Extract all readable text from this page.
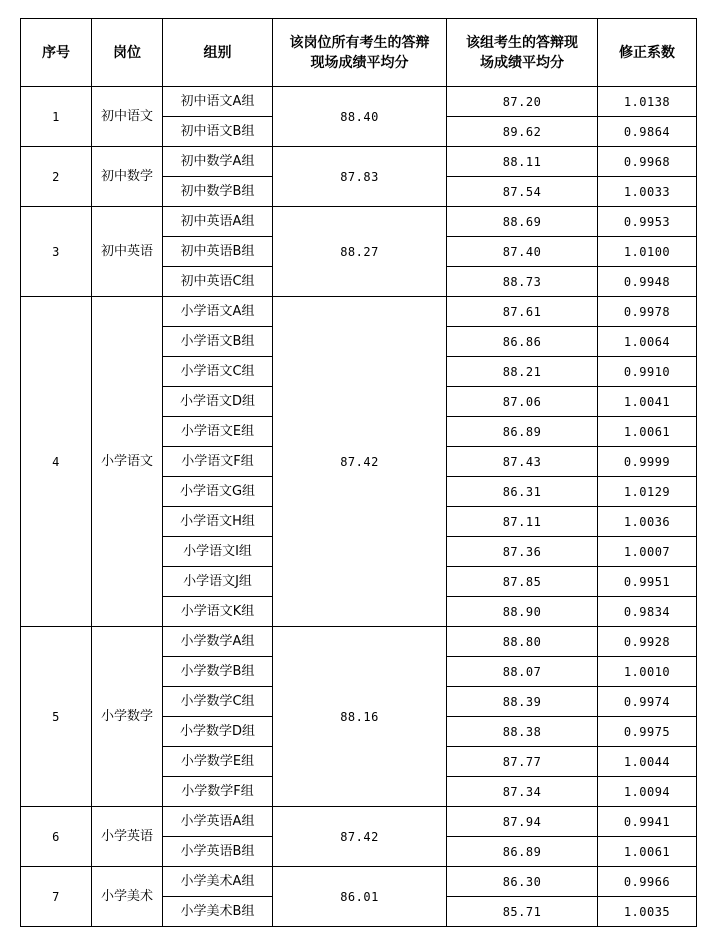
序号	岗位	组别	该岗位所有考生的答辩现场成绩平均分	该组考生的答辩现场成绩平均分	修正系数
1	初中语文	初中语文A组	88.40	87.20	1.0138
		初中语文B组		89.62	0.9864
2	初中数学	初中数学A组	87.83	88.11	0.9968
		初中数学B组		87.54	1.0033
3	初中英语	初中英语A组	88.27	88.69	0.9953
		初中英语B组		87.40	1.0100
		初中英语C组		88.73	0.9948
4	小学语文	小学语文A组	87.42	87.61	0.9978
		小学语文B组		86.86	1.0064
		小学语文C组		88.21	0.9910
		小学语文D组		87.06	1.0041
		小学语文E组		86.89	1.0061
		小学语文F组		87.43	0.9999
		小学语文G组		86.31	1.0129
		小学语文H组		87.11	1.0036
		小学语文I组		87.36	1.0007
		小学语文J组		87.85	0.9951
		小学语文K组		88.90	0.9834
5	小学数学	小学数学A组	88.16	88.80	0.9928
		小学数学B组		88.07	1.0010
		小学数学C组		88.39	0.9974
		小学数学D组		88.38	0.9975
		小学数学E组		87.77	1.0044
		小学数学F组		87.34	1.0094
6	小学英语	小学英语A组	87.42	87.94	0.9941
		小学英语B组		86.89	1.0061
7	小学美术	小学美术A组	86.01	86.30	0.9966
		小学美术B组		85.71	1.0035
